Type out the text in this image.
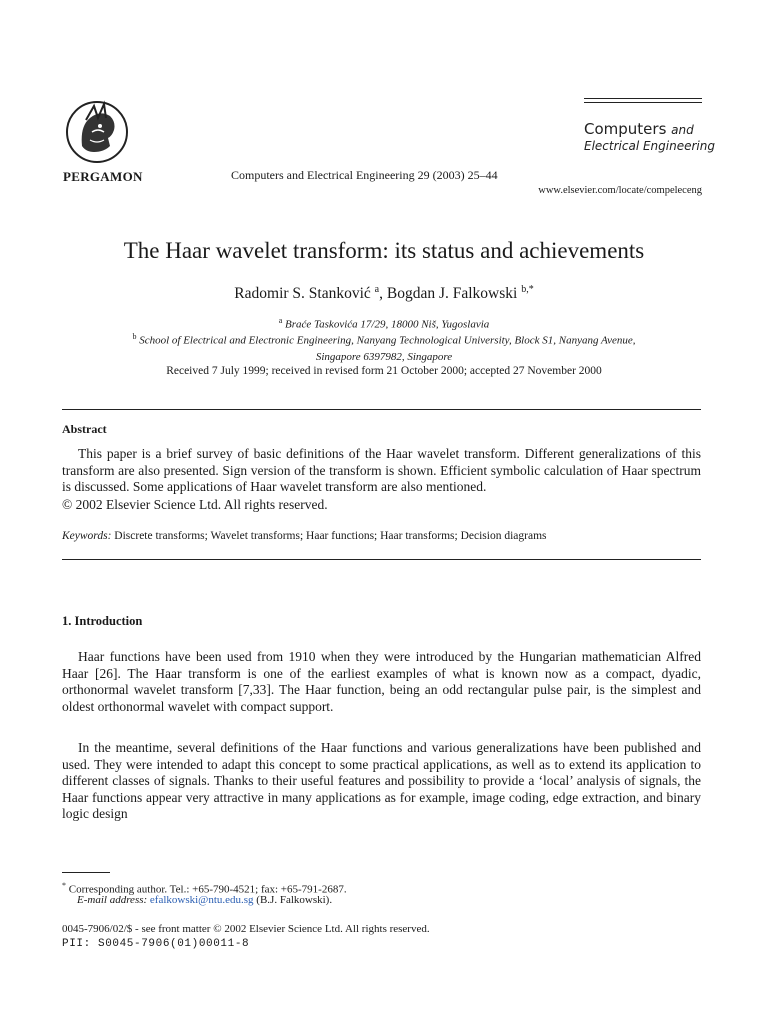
PERGAMON	Computers and Electrical Engineering 29 (2003) 25–44
Computers and
Electrical Engineering
www.elsevier.com/locate/compeleceng
The Haar wavelet transform: its status and achievements
Radomir S. Stanković $^a$, Bogdan J. Falkowski $^{b,*}$
$^a$ Braće Taskovića 17/29, 18000 Niš, Yugoslavia
$^b$ School of Electrical and Electronic Engineering, Nanyang Technological University, Block S1, Nanyang Avenue,
Singapore 6397982, Singapore
Received 7 July 1999; received in revised form 21 October 2000; accepted 27 November 2000
Abstract
This paper is a brief survey of basic definitions of the Haar wavelet transform. Different generalizations of this transform are also presented. Sign version of the transform is shown. Efficient symbolic calculation of Haar spectrum is discussed. Some applications of Haar wavelet transform are also mentioned.
© 2002 Elsevier Science Ltd. All rights reserved.
Keywords: Discrete transforms; Wavelet transforms; Haar functions; Haar transforms; Decision diagrams
1. Introduction
Haar functions have been used from 1910 when they were introduced by the Hungarian mathematician Alfred Haar [26]. The Haar transform is one of the earliest examples of what is known now as a compact, dyadic, orthonormal wavelet transform [7,33]. The Haar function, being an odd rectangular pulse pair, is the simplest and oldest orthonormal wavelet with compact support.
In the meantime, several definitions of the Haar functions and various generalizations have been published and used. They were intended to adapt this concept to some practical applications, as well as to extend its application to different classes of signals. Thanks to their useful features and possibility to provide a ‘local’ analysis of signals, the Haar functions appear very attractive in many applications as for example, image coding, edge extraction, and binary logic design
* Corresponding author. Tel.: +65-790-4521; fax: +65-791-2687.
E-mail address: efalkowski@ntu.edu.sg (B.J. Falkowski).
0045-7906/02/$ - see front matter © 2002 Elsevier Science Ltd. All rights reserved.
PII: S0045-7906(01)00011-8
